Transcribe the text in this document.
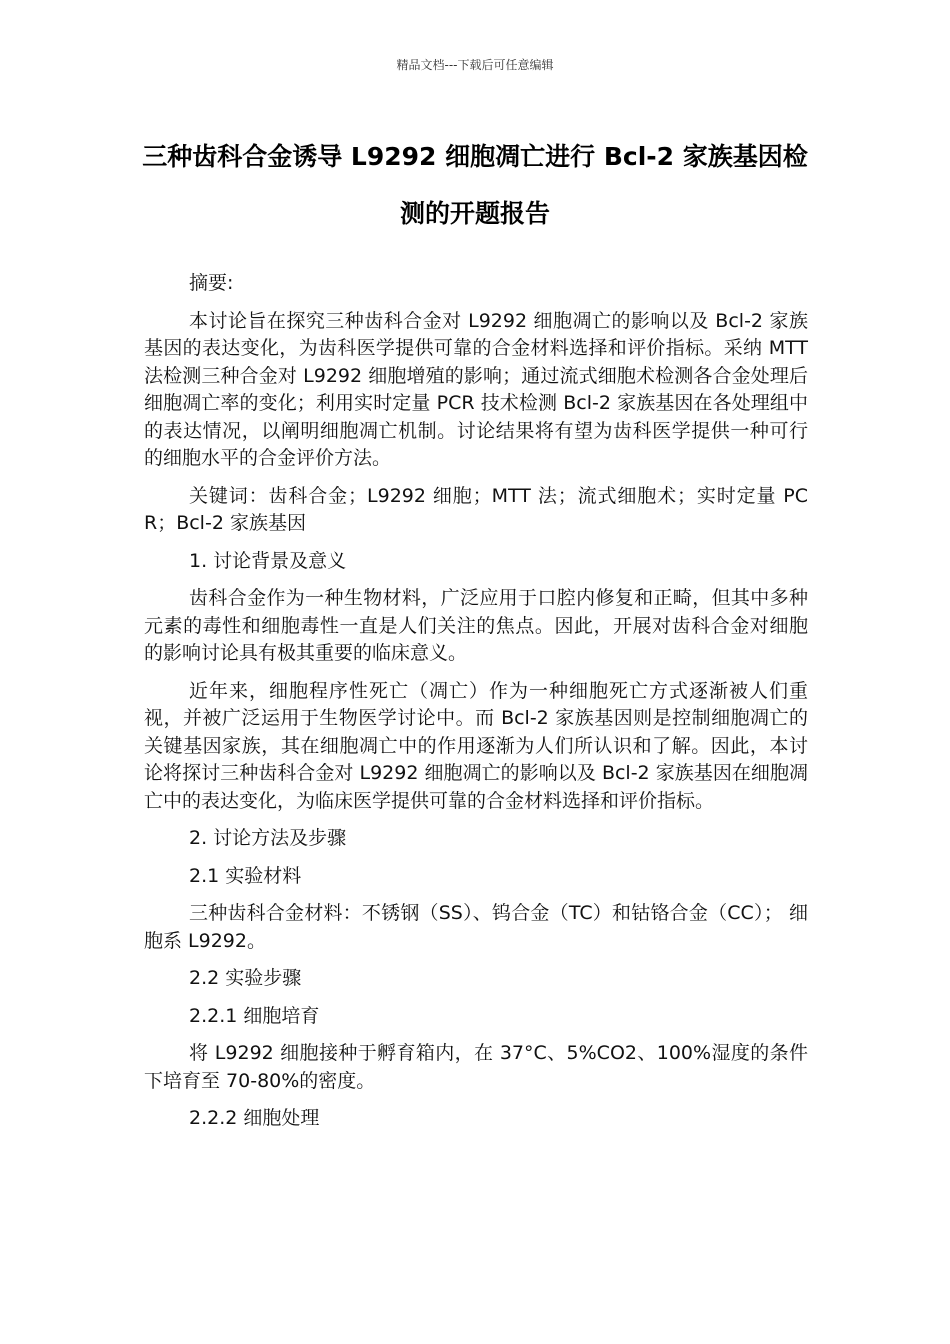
精品文档---下载后可任意编辑
三种齿科合金诱导 L9292 细胞凋亡进行 Bcl-2 家族基因检测的开题报告

摘要:

本讨论旨在探究三种齿科合金对 L9292 细胞凋亡的影响以及 Bcl-2 家族基因的表达变化，为齿科医学提供可靠的合金材料选择和评价指标。采纳 MTT 法检测三种合金对 L9292 细胞增殖的影响；通过流式细胞术检测各合金处理后细胞凋亡率的变化；利用实时定量 PCR 技术检测 Bcl-2 家族基因在各处理组中的表达情况，以阐明细胞凋亡机制。讨论结果将有望为齿科医学提供一种可行的细胞水平的合金评价方法。

关键词：齿科合金；L9292 细胞；MTT 法；流式细胞术；实时定量 PCR；Bcl-2 家族基因

1. 讨论背景及意义

齿科合金作为一种生物材料，广泛应用于口腔内修复和正畸，但其中多种元素的毒性和细胞毒性一直是人们关注的焦点。因此，开展对齿科合金对细胞的影响讨论具有极其重要的临床意义。

近年来，细胞程序性死亡（凋亡）作为一种细胞死亡方式逐渐被人们重视，并被广泛运用于生物医学讨论中。而 Bcl-2 家族基因则是控制细胞凋亡的关键基因家族，其在细胞凋亡中的作用逐渐为人们所认识和了解。因此，本讨论将探讨三种齿科合金对 L9292 细胞凋亡的影响以及 Bcl-2 家族基因在细胞凋亡中的表达变化，为临床医学提供可靠的合金材料选择和评价指标。

2. 讨论方法及步骤

2.1 实验材料

三种齿科合金材料：不锈钢（SS）、钨合金（TC）和钴铬合金（CC）； 细胞系 L9292。

2.2 实验步骤

2.2.1 细胞培育

将 L9292 细胞接种于孵育箱内，在 37°C、5%CO2、100%湿度的条件下培育至 70-80%的密度。

2.2.2 细胞处理
